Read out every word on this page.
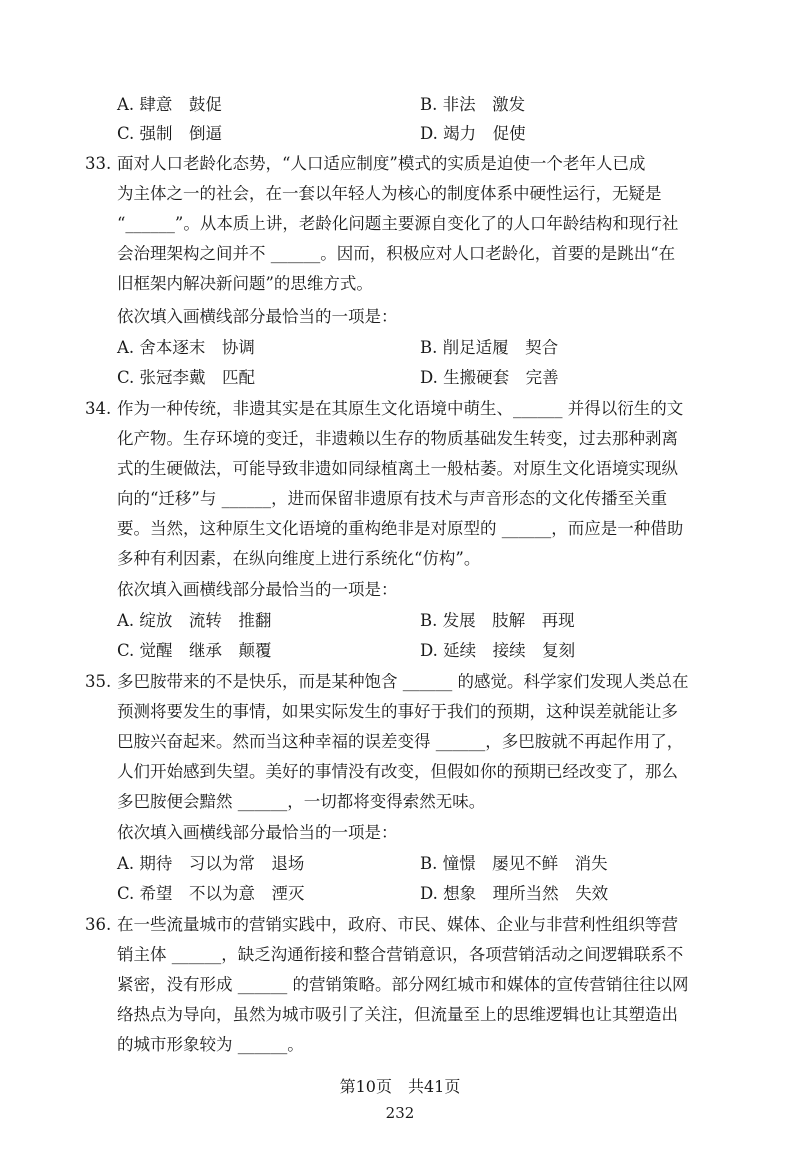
A. 肆意　鼓促	B. 非法　激发
C. 强制　倒逼	D. 竭力　促使
33. 面对人口老龄化态势，“人口适应制度”模式的实质是迫使一个老年人已成
为主体之一的社会，在一套以年轻人为核心的制度体系中硬性运行，无疑是
“______”。从本质上讲，老龄化问题主要源自变化了的人口年龄结构和现行社
会治理架构之间并不 ______。因而，积极应对人口老龄化，首要的是跳出“在
旧框架内解决新问题”的思维方式。
依次填入画横线部分最恰当的一项是：
A. 舍本逐末　协调	B. 削足适履　契合
C. 张冠李戴　匹配	D. 生搬硬套　完善
34. 作为一种传统，非遗其实是在其原生文化语境中萌生、______ 并得以衍生的文
化产物。生存环境的变迁，非遗赖以生存的物质基础发生转变，过去那种剥离
式的生硬做法，可能导致非遗如同绿植离土一般枯萎。对原生文化语境实现纵
向的“迁移”与 ______，进而保留非遗原有技术与声音形态的文化传播至关重
要。当然，这种原生文化语境的重构绝非是对原型的 ______，而应是一种借助
多种有利因素，在纵向维度上进行系统化“仿构”。
依次填入画横线部分最恰当的一项是：
A. 绽放　流转　推翻	B. 发展　肢解　再现
C. 觉醒　继承　颠覆	D. 延续　接续　复刻
35. 多巴胺带来的不是快乐，而是某种饱含 ______ 的感觉。科学家们发现人类总在
预测将要发生的事情，如果实际发生的事好于我们的预期，这种误差就能让多
巴胺兴奋起来。然而当这种幸福的误差变得 ______，多巴胺就不再起作用了，
人们开始感到失望。美好的事情没有改变，但假如你的预期已经改变了，那么
多巴胺便会黯然 ______，一切都将变得索然无味。
依次填入画横线部分最恰当的一项是：
A. 期待　习以为常　退场	B. 憧憬　屡见不鲜　消失
C. 希望　不以为意　湮灭	D. 想象　理所当然　失效
36. 在一些流量城市的营销实践中，政府、市民、媒体、企业与非营利性组织等营
销主体 ______，缺乏沟通衔接和整合营销意识，各项营销活动之间逻辑联系不
紧密，没有形成 ______ 的营销策略。部分网红城市和媒体的宣传营销往往以网
络热点为导向，虽然为城市吸引了关注，但流量至上的思维逻辑也让其塑造出
的城市形象较为 ______。
第10页　共41页
232
